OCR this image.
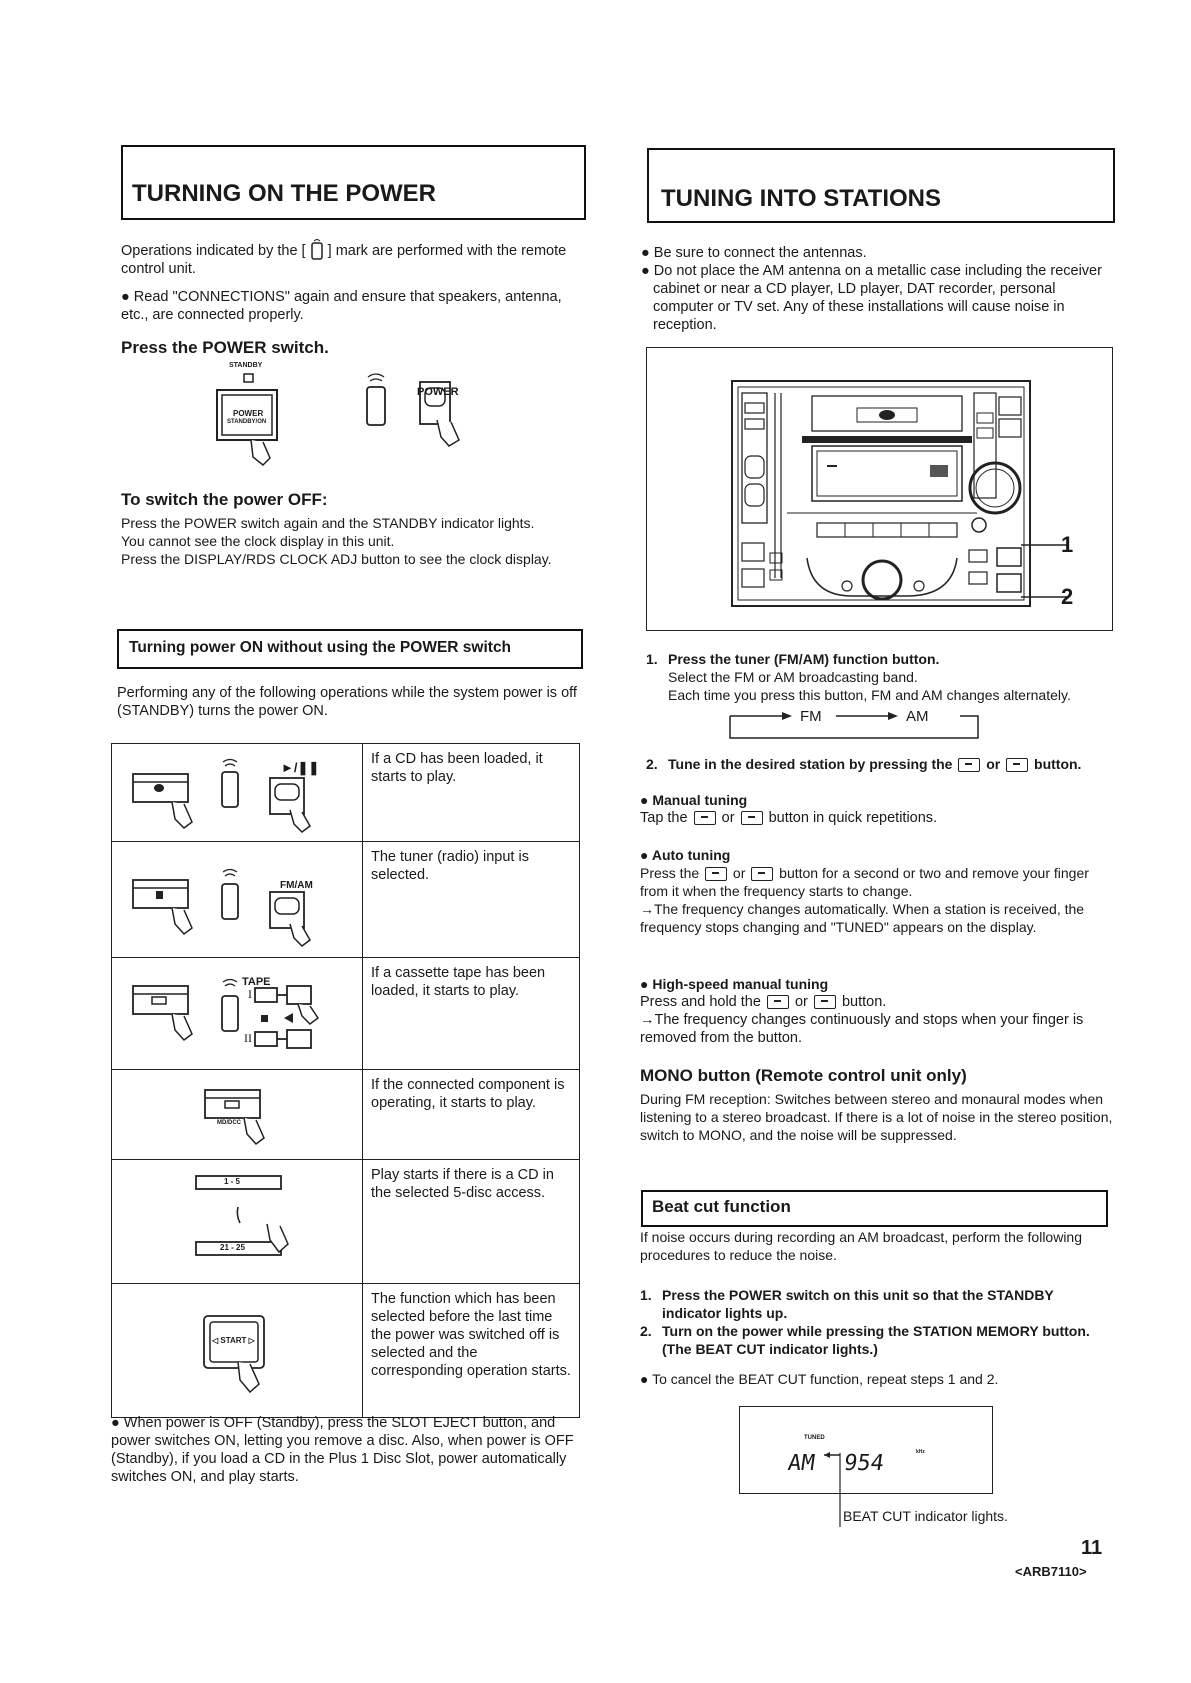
TURNING ON THE POWER

Operations indicated by the [ ] mark are performed with the remote control unit.

● Read "CONNECTIONS" again and ensure that speakers, antenna, etc., are connected properly.

Press the POWER switch.

STANDBY
POWER
STANDBY/ON
POWER

To switch the power OFF:

Press the POWER switch again and the STANDBY indicator lights.

You cannot see the clock display in this unit.

Press the DISPLAY/RDS CLOCK ADJ button to see the clock display.

Turning power ON without using the POWER switch

Performing any of the following operations while the system power is off (STANDBY) turns the power ON.

►/❚❚	If a CD has been loaded, it starts to play.

FM/AM	The tuner (radio) input is selected.

TAPE
I
II	If a cassette tape has been loaded, it starts to play.

MD/DCC	If the connected component is operating, it starts to play.

1 - 5
21 - 25	Play starts if there is a CD in the selected 5-disc access.

◁ START ▷	The function which has been selected before the last time the power was switched off is selected and the corresponding operation starts.

● When power is OFF (Standby), press the SLOT EJECT button, and power switches ON, letting you remove a disc. Also, when power is OFF (Standby), if you load a CD in the Plus 1 Disc Slot, power automatically switches ON, and play starts.

TUNING INTO STATIONS

● Be sure to connect the antennas.

● Do not place the AM antenna on a metallic case including the receiver cabinet or near a CD player, LD player, DAT recorder, personal computer or TV set. Any of these installations will cause noise in reception.

1
2

1. Press the tuner (FM/AM) function button.

Select the FM or AM broadcasting band.

Each time you press this button, FM and AM changes alternately.

FM	AM

2. Tune in the desired station by pressing the or button.

● Manual tuning

Tap the or button in quick repetitions.

● Auto tuning

Press the or button for a second or two and remove your finger from it when the frequency starts to change.

→The frequency changes automatically. When a station is received, the frequency stops changing and "TUNED" appears on the display.

● High-speed manual tuning

Press and hold the or button.

→The frequency changes continuously and stops when your finger is removed from the button.

MONO button (Remote control unit only)

During FM reception: Switches between stereo and monaural modes when listening to a stereo broadcast. If there is a lot of noise in the stereo position, switch to MONO, and the noise will be suppressed.

Beat cut function

If noise occurs during recording an AM broadcast, perform the following procedures to reduce the noise.

1. Press the POWER switch on this unit so that the STANDBY indicator lights up.

2. Turn on the power while pressing the STATION MEMORY button. (The BEAT CUT indicator lights.)

● To cancel the BEAT CUT function, repeat steps 1 and 2.

TUNED
AM 954	kHz

BEAT CUT indicator lights.

11

<ARB7110>
